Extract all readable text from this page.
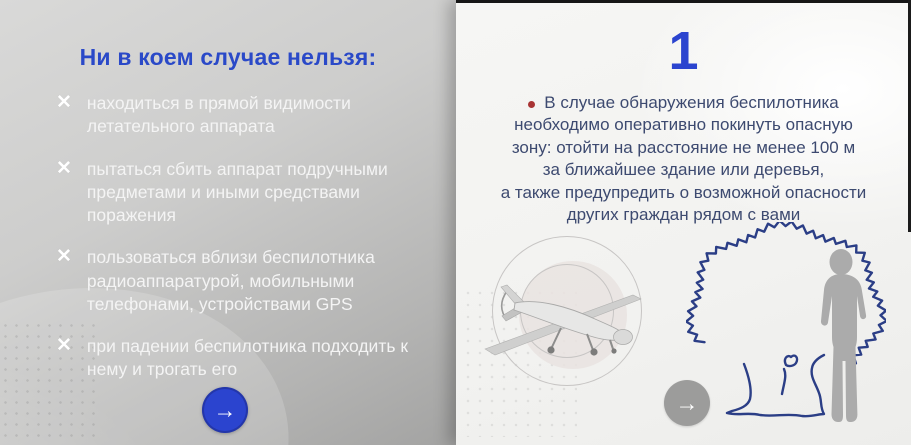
Ни в коем случае нельзя:
✕ находиться в прямой видимости летательного аппарата
✕ пытаться сбить аппарат подручными предметами и иными средствами поражения
✕ пользоваться вблизи беспилотника радиоаппаратурой, мобильными телефонами, устройствами GPS
✕ при падении беспилотника подходить к нему и трогать его
→
1
В случае обнаружения беспилотника
необходимо оперативно покинуть опасную
зону: отойти на расстояние не менее 100 м
за ближайшее здание или деревья,
а также предупредить о возможной опасности
других граждан рядом с вами
→
